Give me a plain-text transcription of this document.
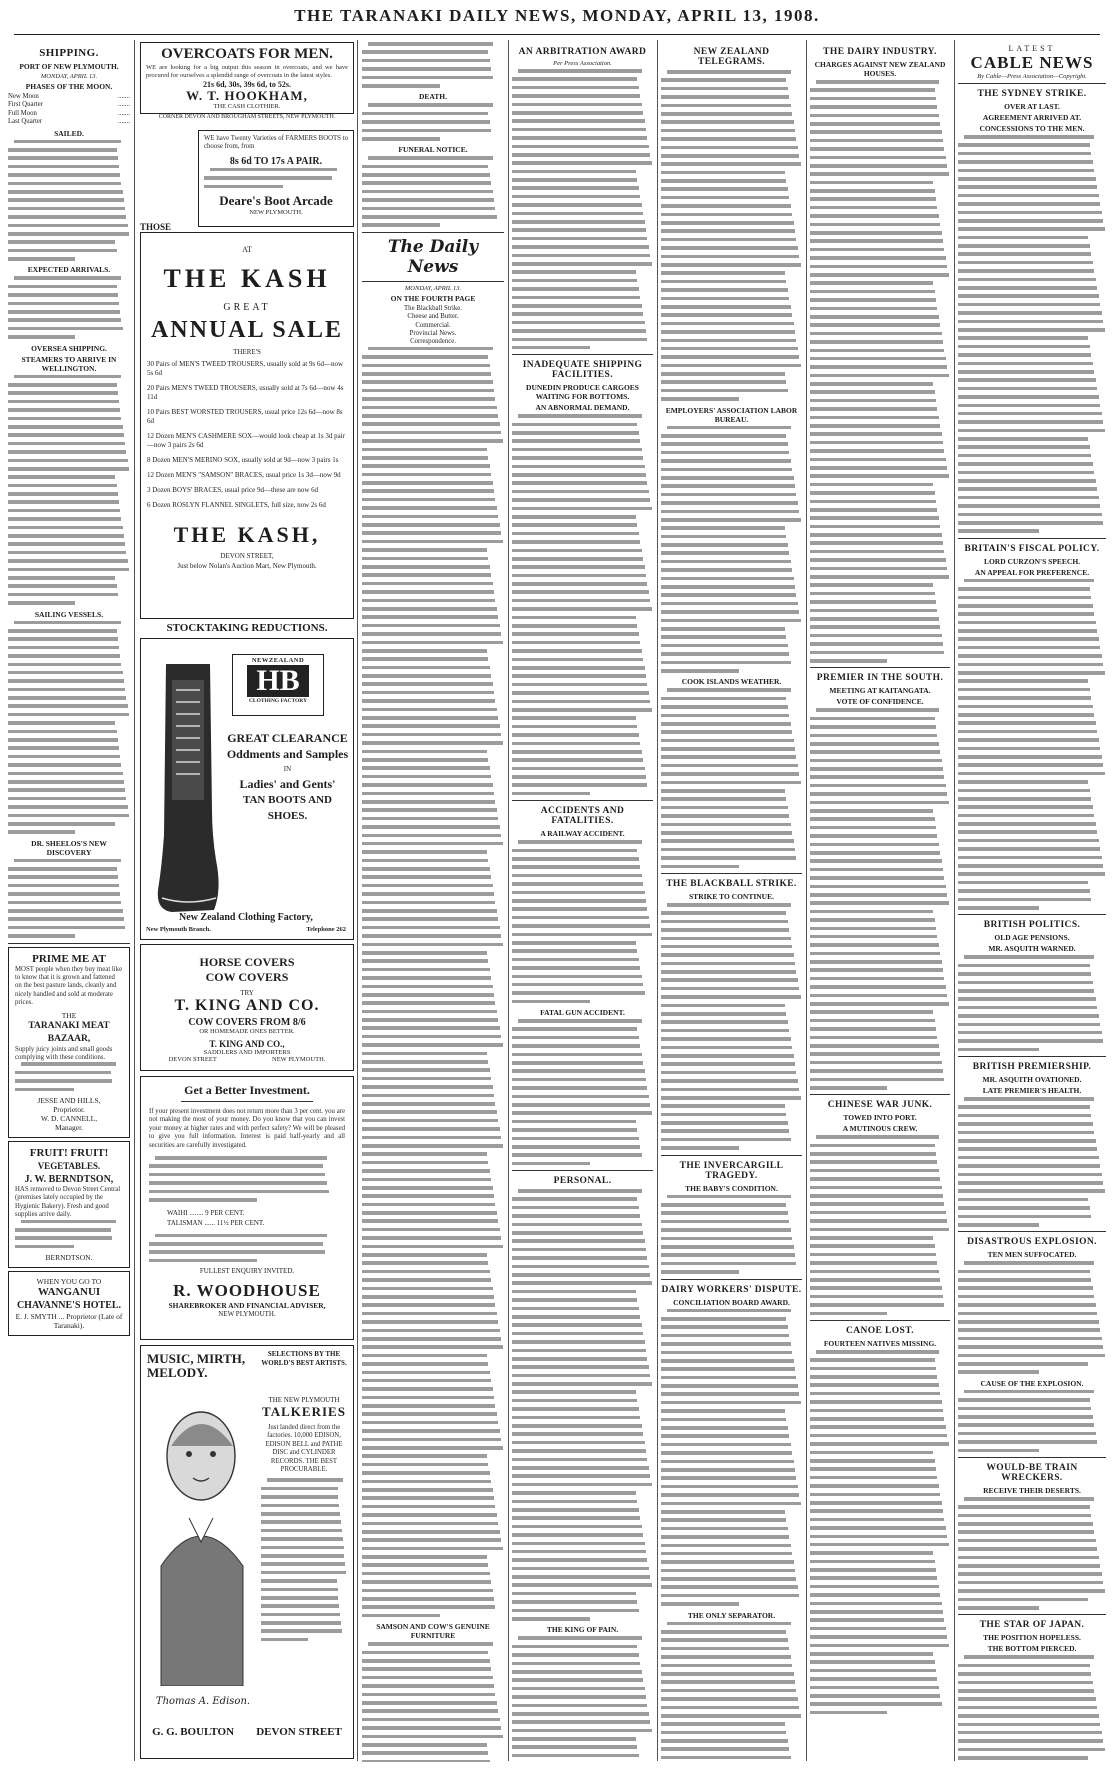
THE TARANAKI DAILY NEWS, MONDAY, APRIL 13, 1908.
SHIPPING.
PORT OF NEW PLYMOUTH.
MONDAY, APRIL 13.
PHASES OF THE MOON.
New Moon	.......
First Quarter	.......
Full Moon	.......
Last Quarter	.......
SAILED.
EXPECTED ARRIVALS.
OVERSEA SHIPPING.
STEAMERS TO ARRIVE IN WELLINGTON.
SAILING VESSELS.
DR. SHEELOS'S NEW DISCOVERY
PRIME ME AT
MOST people when they buy meat like to know that it is grown and fattened on the best pasture lands, cleanly and nicely handled and sold at moderate prices.
THE
TARANAKI MEAT BAZAAR,
Supply juicy joints and small goods complying with these conditions.
JESSE AND HILLS,
Proprietor.
W. D. CANNELL,
Manager.
FRUIT! FRUIT!
VEGETABLES.
J. W. BERNDTSON,
HAS removed to Devon Street Central (premises lately occupied by the Hygienic Bakery). Fresh and good supplies arrive daily.
BERNDTSON.
WHEN YOU GO TO
WANGANUI
CHAVANNE'S HOTEL.
E. J. SMYTH ... Proprietor (Late of Taranaki).
OVERCOATS FOR MEN.
WE are looking for a big output this season in overcoats, and we have procured for ourselves a splendid range of overcoats in the latest styles.
21s 6d, 30s, 39s 6d, to 52s.
W. T. HOOKHAM,
THE CASH CLOTHIER.
CORNER DEVON AND BROUGHAM STREETS, NEW PLYMOUTH.
THOSE
WE have Twenty Varieties of FARMERS BOOTS to choose from, from
8s 6d TO 17s A PAIR.
Deare's Boot Arcade
NEW PLYMOUTH.
AT
THE KASH
GREAT
ANNUAL SALE
THERE'S
30 Pairs of MEN'S TWEED TROUSERS, usually sold at 9s 6d—now 5s 6d
20 Pairs MEN'S TWEED TROUSERS, usually sold at 7s 6d—now 4s 11d
10 Pairs BEST WORSTED TROUSERS, usual price 12s 6d—now 8s 6d
12 Dozen MEN'S CASHMERE SOX—would look cheap at 1s 3d pair—now 3 pairs 2s 6d
8 Dozen MEN'S MERINO SOX, usually sold at 9d—now 3 pairs 1s
12 Dozen MEN'S "SAMSON" BRACES, usual price 1s 3d—now 9d
3 Dozen BOYS' BRACES, usual price 9d—these are now 6d
6 Dozen ROSLYN FLANNEL SINGLETS, full size, now 2s 6d
THE KASH,
DEVON STREET,
Just below Nolan's Auction Mart, New Plymouth.
STOCKTAKING REDUCTIONS.
NEWZEALAND
HB
CLOTHING FACTORY
GREAT CLEARANCE
Oddments and Samples
IN
Ladies' and Gents'
TAN BOOTS AND SHOES.
New Zealand Clothing Factory,
New Plymouth Branch.	Telephone 262
HORSE COVERS
COW COVERS
TRY
T. KING AND CO.
COW COVERS FROM 8/6
OR HOMEMADE ONES BETTER.
T. KING AND CO.,
SADDLERS AND IMPORTERS
DEVON STREET	NEW PLYMOUTH.
Get a Better Investment.
If your present investment does not return more than 3 per cent. you are not making the most of your money. Do you know that you can invest your money at higher rates and with perfect safety? We will be pleased to give you full information. Interest is paid half-yearly and all securities are carefully investigated.
WAIHI ........ 9 PER CENT.
TALISMAN ...... 11½ PER CENT.
FULLEST ENQUIRY INVITED.
R. WOODHOUSE
SHAREBROKER AND FINANCIAL ADVISER,
NEW PLYMOUTH.
MUSIC, MIRTH, MELODY.
SELECTIONS BY THE WORLD'S BEST ARTISTS.
Thomas A. Edison.
THE NEW PLYMOUTH
TALKERIES
Just landed direct from the factories. 10,000 EDISON, EDISON BELL and PATHE DISC and CYLINDER RECORDS. THE BEST PROCURABLE.
G. G. BOULTON DEVON STREET
DEATH.
FUNERAL NOTICE.
The Daily News
MONDAY, APRIL 13.
ON THE FOURTH PAGE
The Blackball Strike.
Cheese and Butter.
Commercial.
Provincial News.
Correspondence.
SAMSON AND COW'S GENUINE FURNITURE
AN ARBITRATION AWARD
Per Press Association.
INADEQUATE SHIPPING FACILITIES.
DUNEDIN PRODUCE CARGOES WAITING FOR BOTTOMS.
AN ABNORMAL DEMAND.
ACCIDENTS AND FATALITIES.
A RAILWAY ACCIDENT.
FATAL GUN ACCIDENT.
PERSONAL.
THE KING OF PAIN.
NEW ZEALAND TELEGRAMS.
EMPLOYERS' ASSOCIATION LABOR BUREAU.
COOK ISLANDS WEATHER.
THE BLACKBALL STRIKE.
STRIKE TO CONTINUE.
THE INVERCARGILL TRAGEDY.
THE BABY'S CONDITION.
DAIRY WORKERS' DISPUTE.
CONCILIATION BOARD AWARD.
THE ONLY SEPARATOR.
THE DAIRY INDUSTRY.
CHARGES AGAINST NEW ZEALAND HOUSES.
PREMIER IN THE SOUTH.
MEETING AT KAITANGATA.
VOTE OF CONFIDENCE.
CHINESE WAR JUNK.
TOWED INTO PORT.
A MUTINOUS CREW.
CANOE LOST.
FOURTEEN NATIVES MISSING.
LATEST
CABLE NEWS
By Cable—Press Association—Copyright.
THE SYDNEY STRIKE.
OVER AT LAST.
AGREEMENT ARRIVED AT.
CONCESSIONS TO THE MEN.
BRITAIN'S FISCAL POLICY.
LORD CURZON'S SPEECH.
AN APPEAL FOR PREFERENCE.
BRITISH POLITICS.
OLD AGE PENSIONS.
MR. ASQUITH WARNED.
BRITISH PREMIERSHIP.
MR. ASQUITH OVATIONED.
LATE PREMIER'S HEALTH.
DISASTROUS EXPLOSION.
TEN MEN SUFFOCATED.
CAUSE OF THE EXPLOSION.
WOULD-BE TRAIN WRECKERS.
RECEIVE THEIR DESERTS.
THE STAR OF JAPAN.
THE POSITION HOPELESS.
THE BOTTOM PIERCED.
